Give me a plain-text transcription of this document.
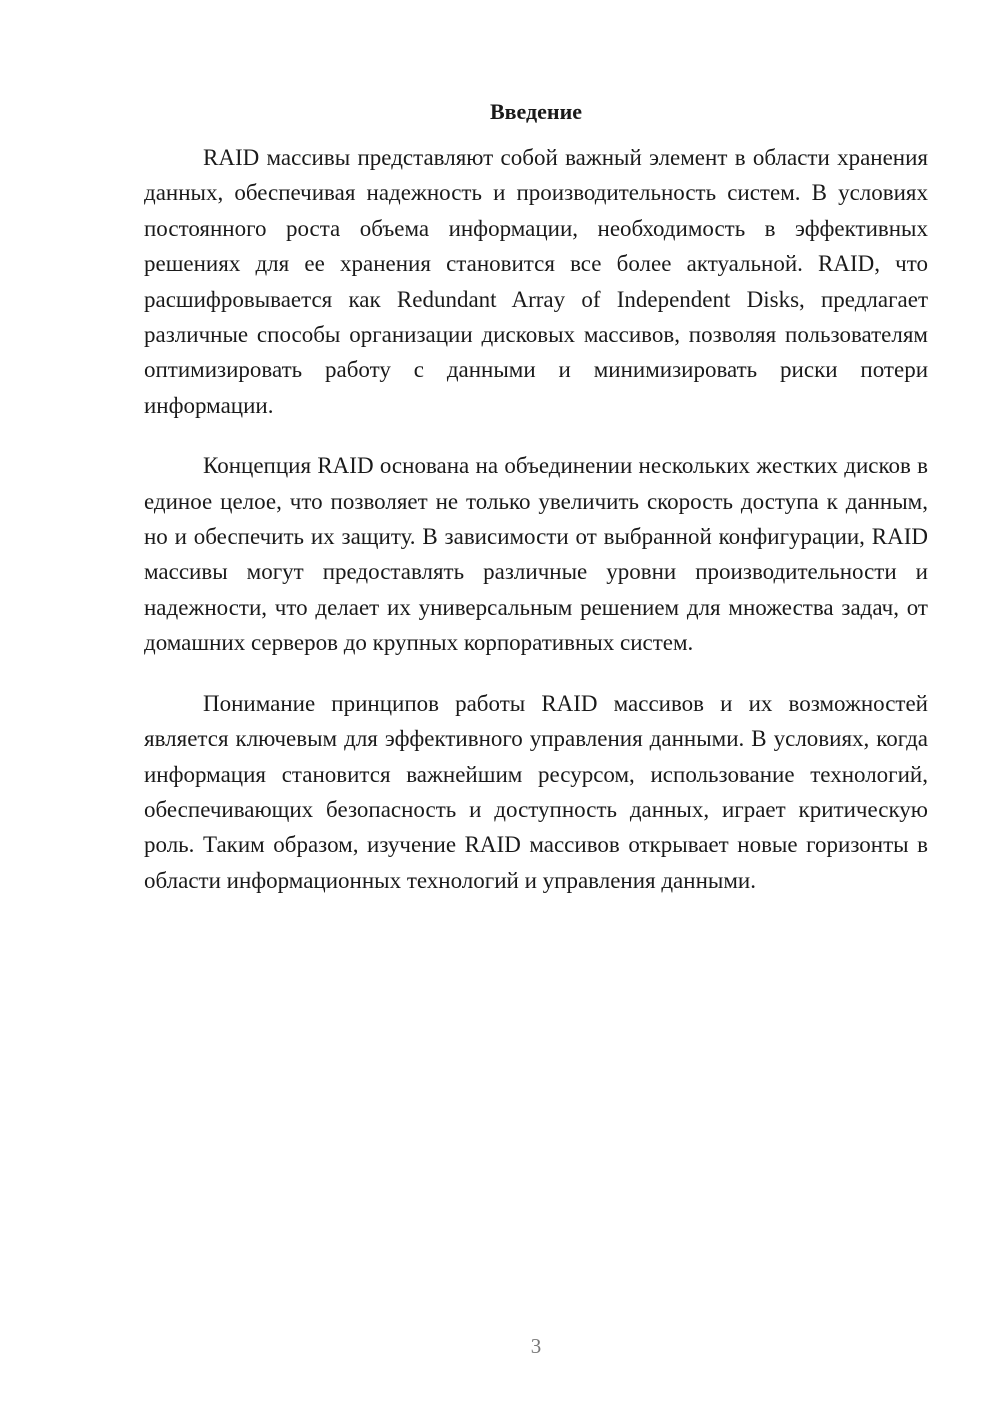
Введение

RAID массивы представляют собой важный элемент в области хранения данных, обеспечивая надежность и производительность систем. В условиях постоянного роста объема информации, необходимость в эффективных решениях для ее хранения становится все более актуальной. RAID, что расшифровывается как Redundant Array of Independent Disks, предлагает различные способы организации дисковых массивов, позволяя пользователям оптимизировать работу с данными и минимизировать риски потери информации.

Концепция RAID основана на объединении нескольких жестких дисков в единое целое, что позволяет не только увеличить скорость доступа к данным, но и обеспечить их защиту. В зависимости от выбранной конфигурации, RAID массивы могут предоставлять различные уровни производительности и надежности, что делает их универсальным решением для множества задач, от домашних серверов до крупных корпоративных систем.

Понимание принципов работы RAID массивов и их возможностей является ключевым для эффективного управления данными. В условиях, когда информация становится важнейшим ресурсом, использование технологий, обеспечивающих безопасность и доступность данных, играет критическую роль. Таким образом, изучение RAID массивов открывает новые горизонты в области информационных технологий и управления данными.

3
